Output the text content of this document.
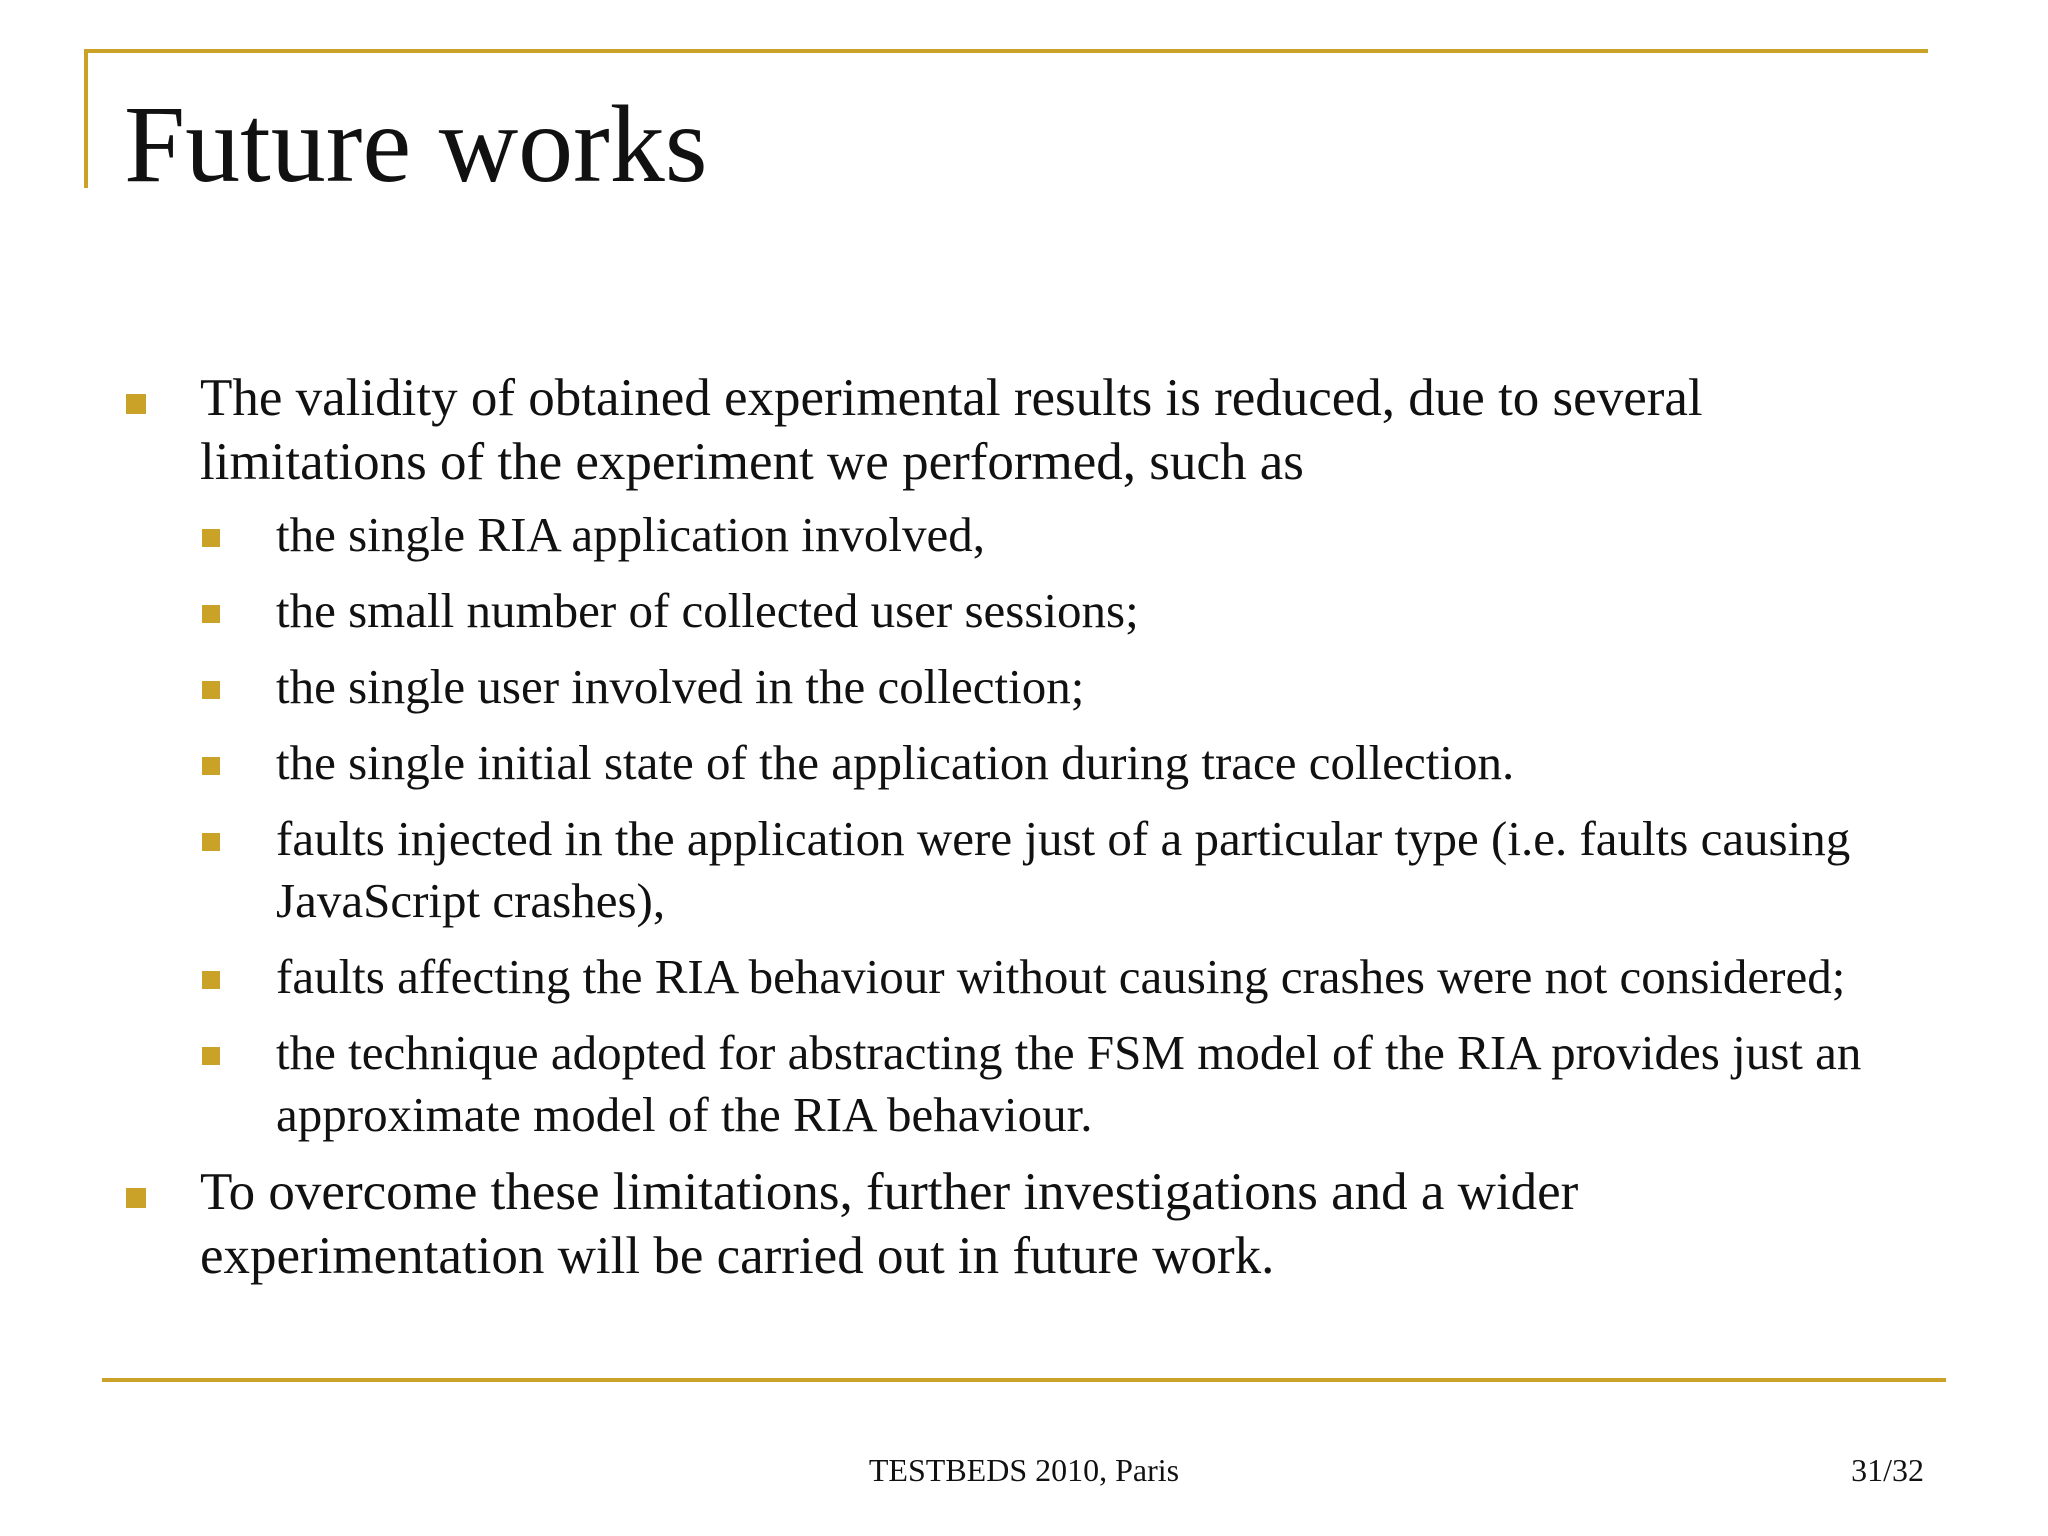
Future works
The validity of obtained experimental results is reduced, due to several limitations of the experiment we performed, such as
the single RIA application involved,
the small number of collected user sessions;
the single user involved in the collection;
the single initial state of the application during trace collection.
faults injected in the application were just of a particular type (i.e. faults causing JavaScript crashes),
faults affecting the RIA behaviour without causing crashes were not considered;
the technique adopted for abstracting the FSM model of the RIA provides just an approximate model of the RIA behaviour.
To overcome these limitations, further investigations and a wider experimentation will be carried out in future work.
TESTBEDS 2010, Paris	31/32
